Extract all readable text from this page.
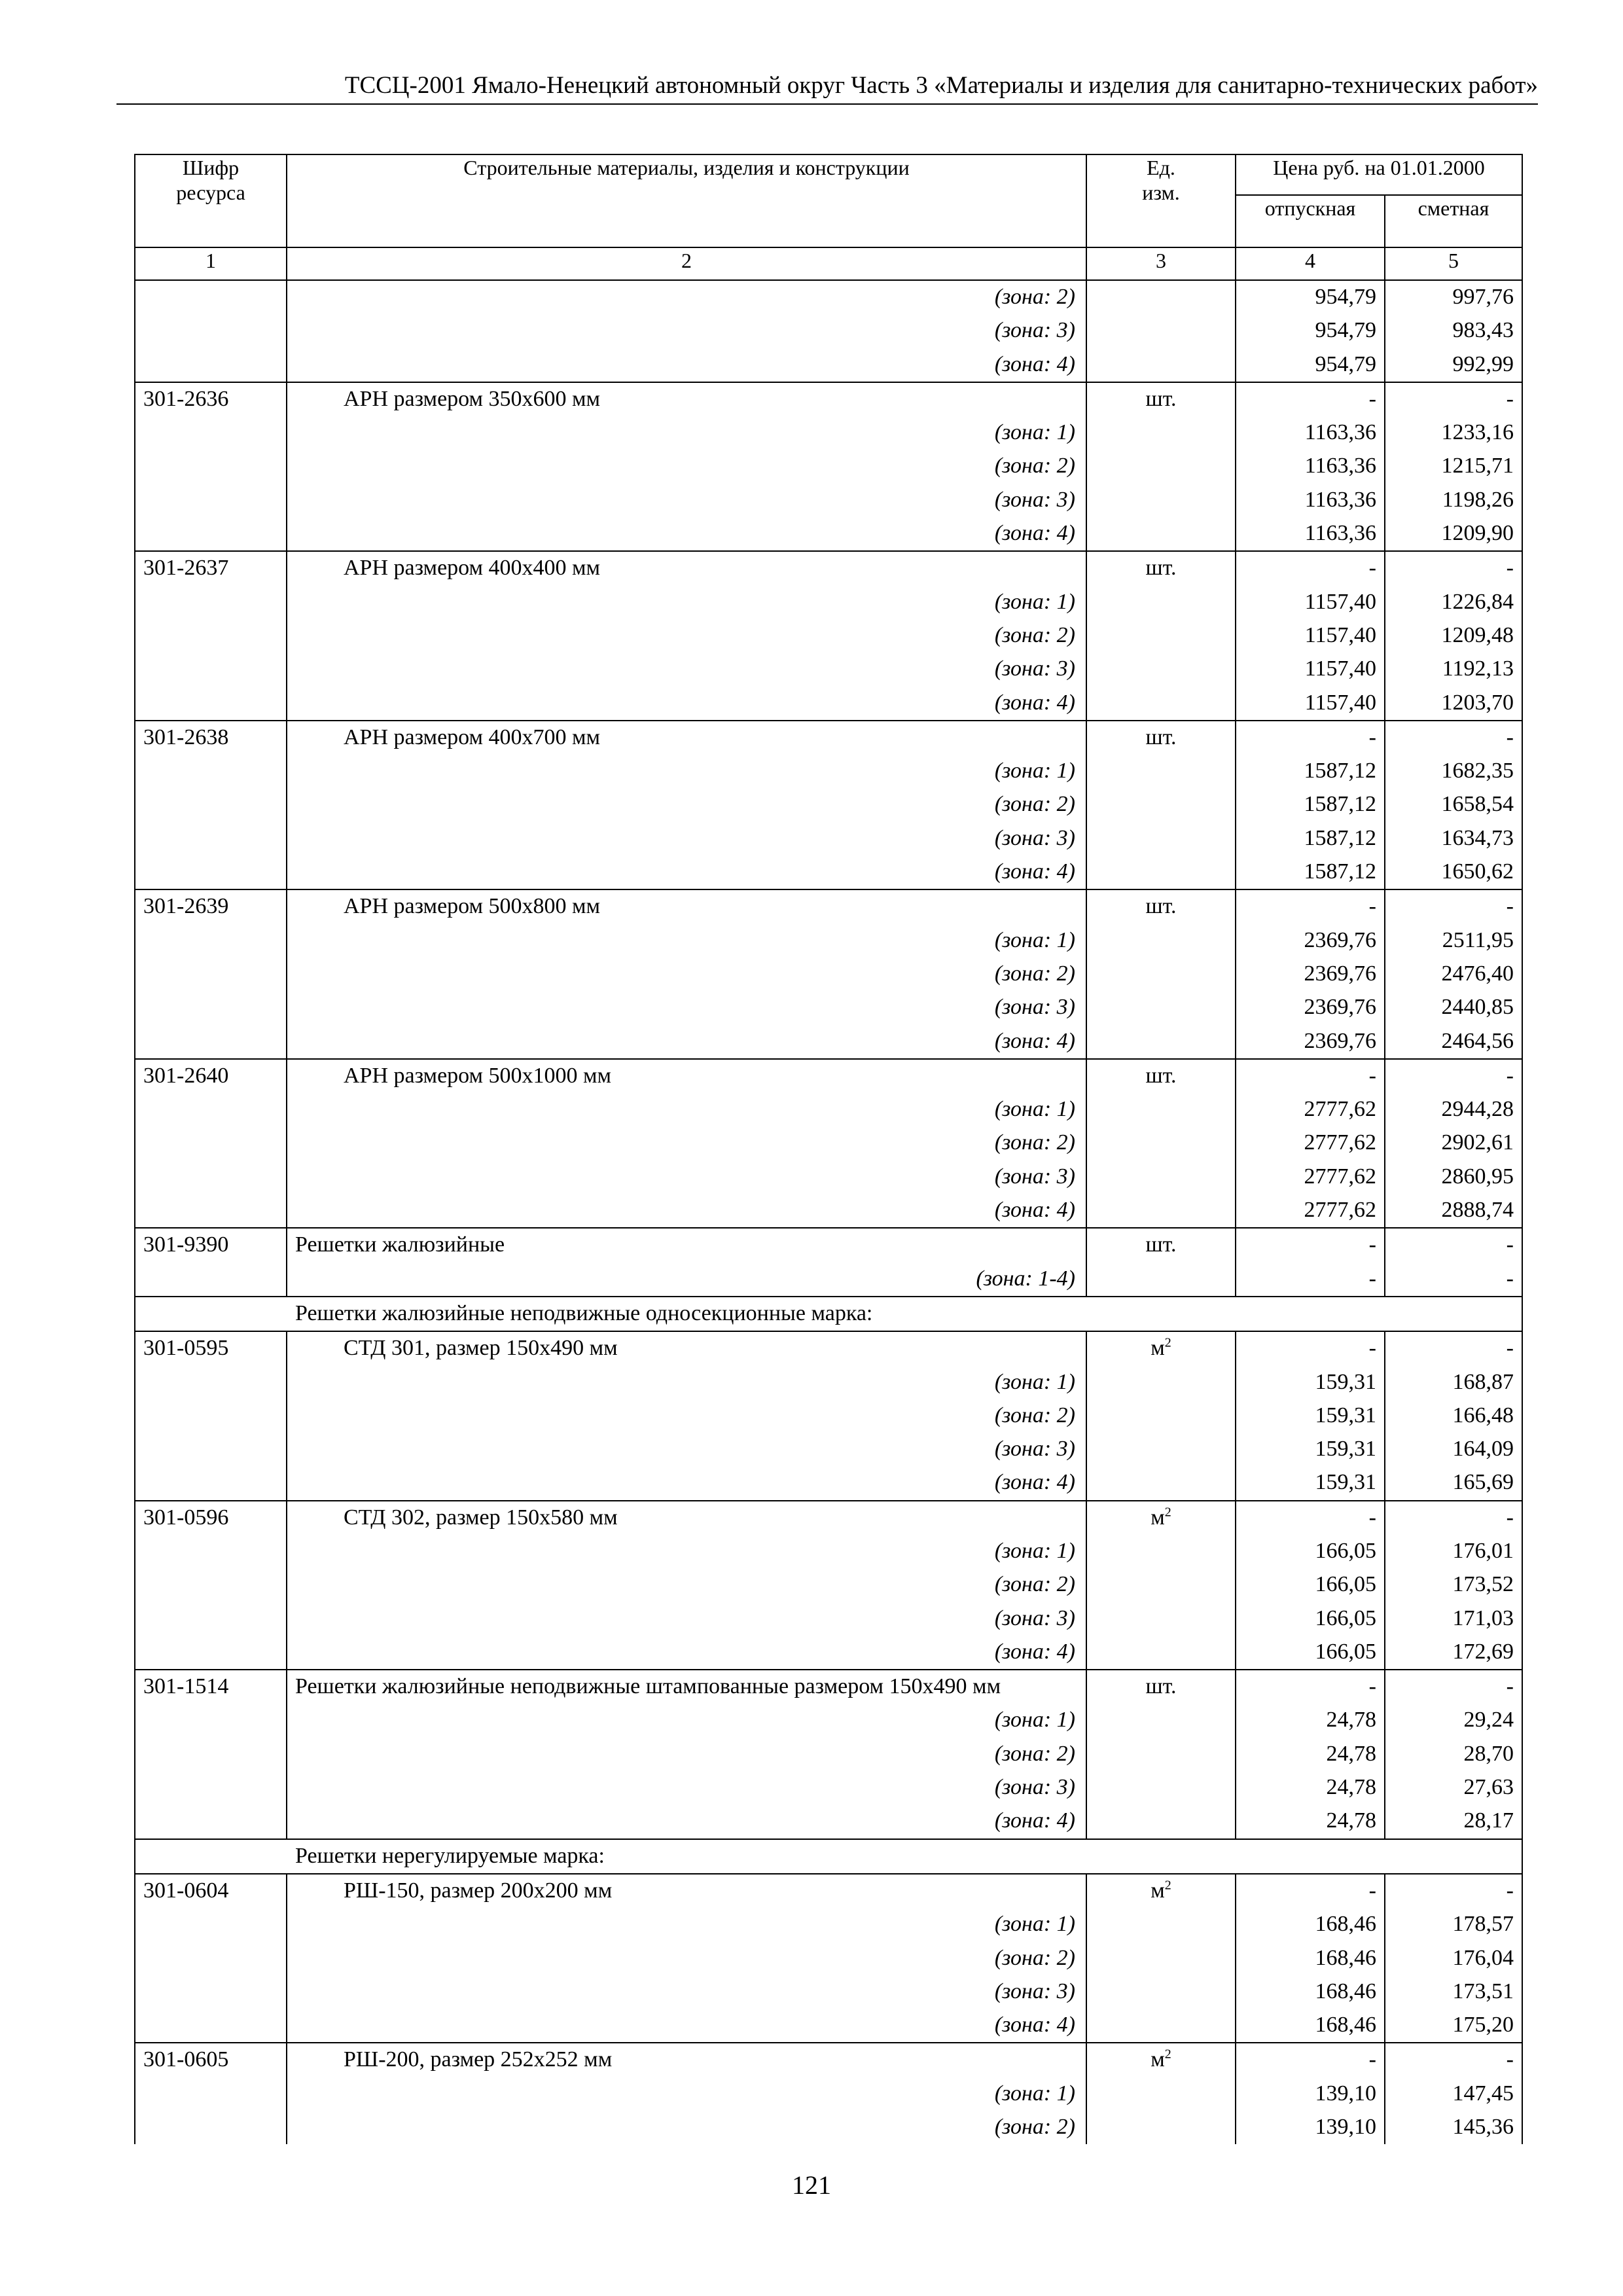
ТССЦ-2001 Ямало-Ненецкий автономный округ Часть 3 «Материалы и изделия для санитарно-технических работ»
Шифр ресурса	Строительные материалы, изделия и конструкции	Ед. изм.	Цена руб. на 01.01.2000	
			отпускная	сметная
1	2	3	4	5
	(зона: 2)		954,79	997,76
	(зона: 3)		954,79	983,43
	(зона: 4)		954,79	992,99
301-2636	АРН размером 350х600 мм	шт.	-	-
	(зона: 1)		1163,36	1233,16
	(зона: 2)		1163,36	1215,71
	(зона: 3)		1163,36	1198,26
	(зона: 4)		1163,36	1209,90
301-2637	АРН размером 400х400 мм	шт.	-	-
	(зона: 1)		1157,40	1226,84
	(зона: 2)		1157,40	1209,48
	(зона: 3)		1157,40	1192,13
	(зона: 4)		1157,40	1203,70
301-2638	АРН размером 400х700 мм	шт.	-	-
	(зона: 1)		1587,12	1682,35
	(зона: 2)		1587,12	1658,54
	(зона: 3)		1587,12	1634,73
	(зона: 4)		1587,12	1650,62
301-2639	АРН размером 500х800 мм	шт.	-	-
	(зона: 1)		2369,76	2511,95
	(зона: 2)		2369,76	2476,40
	(зона: 3)		2369,76	2440,85
	(зона: 4)		2369,76	2464,56
301-2640	АРН размером 500х1000 мм	шт.	-	-
	(зона: 1)		2777,62	2944,28
	(зона: 2)		2777,62	2902,61
	(зона: 3)		2777,62	2860,95
	(зона: 4)		2777,62	2888,74
301-9390	Решетки жалюзийные	шт.	-	-
	(зона: 1-4)		-	-
Решетки жалюзийные неподвижные односекционные марка:				
301-0595	СТД 301, размер 150х490 мм	$м^2$	-	-
	(зона: 1)		159,31	168,87
	(зона: 2)		159,31	166,48
	(зона: 3)		159,31	164,09
	(зона: 4)		159,31	165,69
301-0596	СТД 302, размер 150х580 мм	$м^2$	-	-
	(зона: 1)		166,05	176,01
	(зона: 2)		166,05	173,52
	(зона: 3)		166,05	171,03
	(зона: 4)		166,05	172,69
301-1514	Решетки жалюзийные неподвижные штампованные размером 150х490 мм	шт.	-	-
	(зона: 1)		24,78	29,24
	(зона: 2)		24,78	28,70
	(зона: 3)		24,78	27,63
	(зона: 4)		24,78	28,17
Решетки нерегулируемые марка:				
301-0604	РШ-150, размер 200х200 мм	$м^2$	-	-
	(зона: 1)		168,46	178,57
	(зона: 2)		168,46	176,04
	(зона: 3)		168,46	173,51
	(зона: 4)		168,46	175,20
301-0605	РШ-200, размер 252х252 мм	$м^2$	-	-
	(зона: 1)		139,10	147,45
	(зона: 2)		139,10	145,36
121
